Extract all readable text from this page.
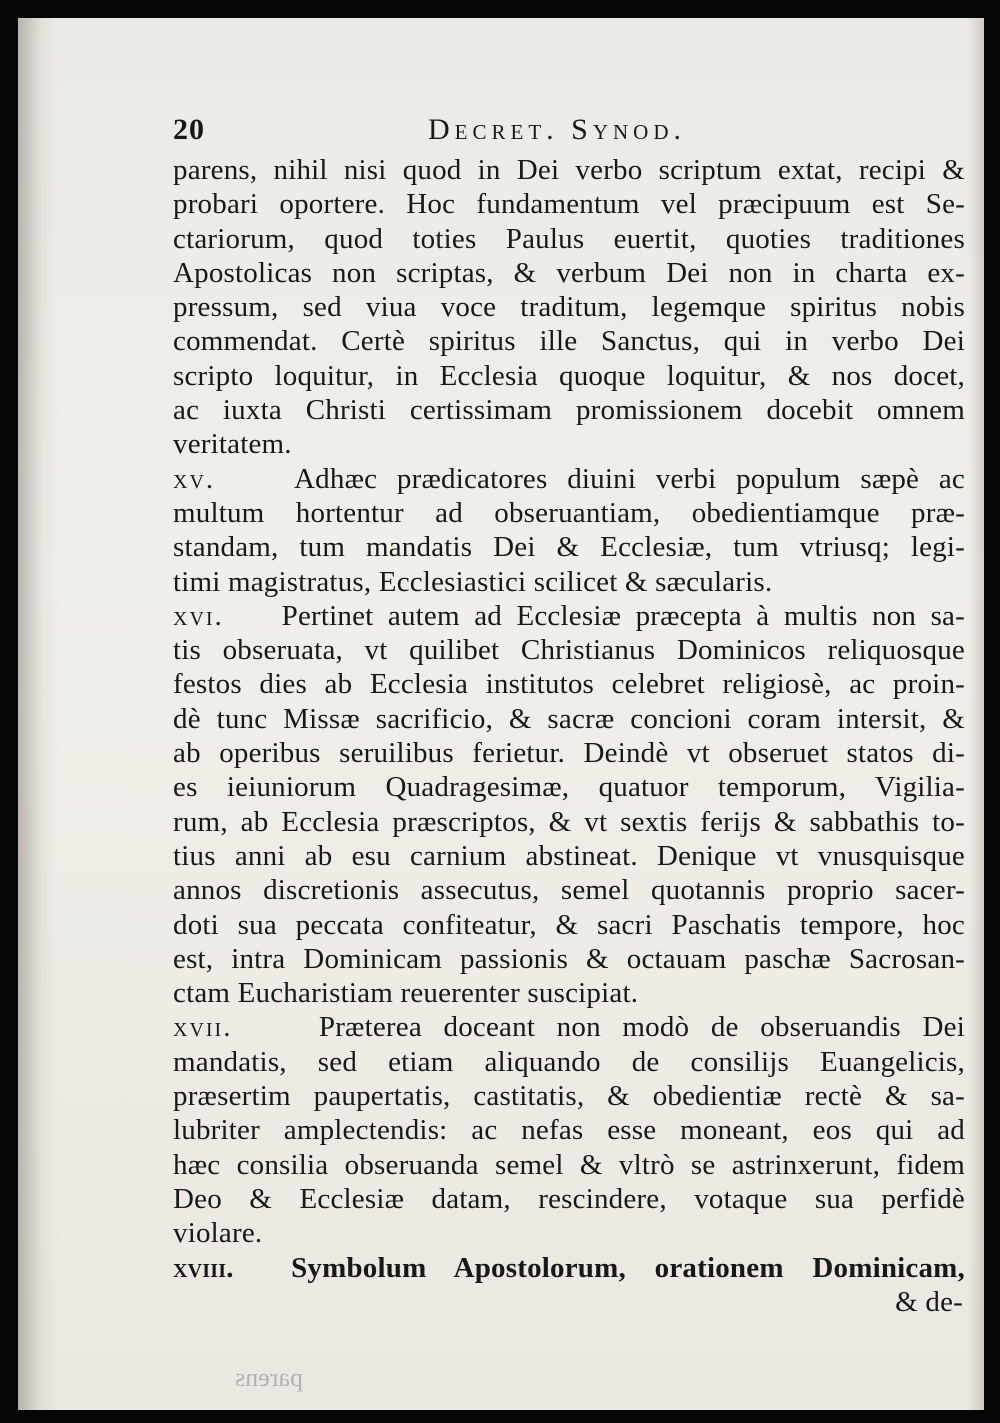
20	Decret. Synod.
parens, nihil nisi quod in Dei verbo scriptum extat, recipi &
probari oportere. Hoc fundamentum vel præcipuum est Se-
ctariorum, quod toties Paulus euertit, quoties traditiones
Apostolicas non scriptas, & verbum Dei non in charta ex-
pressum, sed viua voce traditum, legemque spiritus nobis
commendat. Certè spiritus ille Sanctus, qui in verbo Dei
scripto loquitur, in Ecclesia quoque loquitur, & nos docet,
ac iuxta Christi certissimam promissionem docebit omnem
veritatem.
xv.	Adhæc prædicatores diuini verbi populum sæpè ac
multum hortentur ad obseruantiam, obedientiamque præ-
standam, tum mandatis Dei & Ecclesiæ, tum vtriusq; legi-
timi magistratus, Ecclesiastici scilicet & sæcularis.
xvi. Pertinet autem ad Ecclesiæ præcepta à multis non sa-
tis obseruata, vt quilibet Christianus Dominicos reliquosque
festos dies ab Ecclesia institutos celebret religiosè, ac proin-
dè tunc Missæ sacrificio, & sacræ concioni coram intersit, &
ab operibus seruilibus ferietur. Deindè vt obseruet statos di-
es ieiuniorum Quadragesimæ, quatuor temporum, Vigilia-
rum, ab Ecclesia præscriptos, & vt sextis ferijs & sabbathis to-
tius anni ab esu carnium abstineat. Denique vt vnusquisque
annos discretionis assecutus, semel quotannis proprio sacer-
doti sua peccata confiteatur, & sacri Paschatis tempore, hoc
est, intra Dominicam passionis & octauam paschæ Sacrosan-
ctam Eucharistiam reuerenter suscipiat.
xvii.	Præterea doceant non modò de obseruandis Dei
mandatis, sed etiam aliquando de consilijs Euangelicis,
præsertim paupertatis, castitatis, & obedientiæ rectè & sa-
lubriter amplectendis: ac nefas esse moneant, eos qui ad
hæc consilia obseruanda semel & vltrò se astrinxerunt, fidem
Deo & Ecclesiæ datam, rescindere, votaque sua perfidè
violare.
xviii. Symbolum Apostolorum, orationem Dominicam,
& de-
parens
